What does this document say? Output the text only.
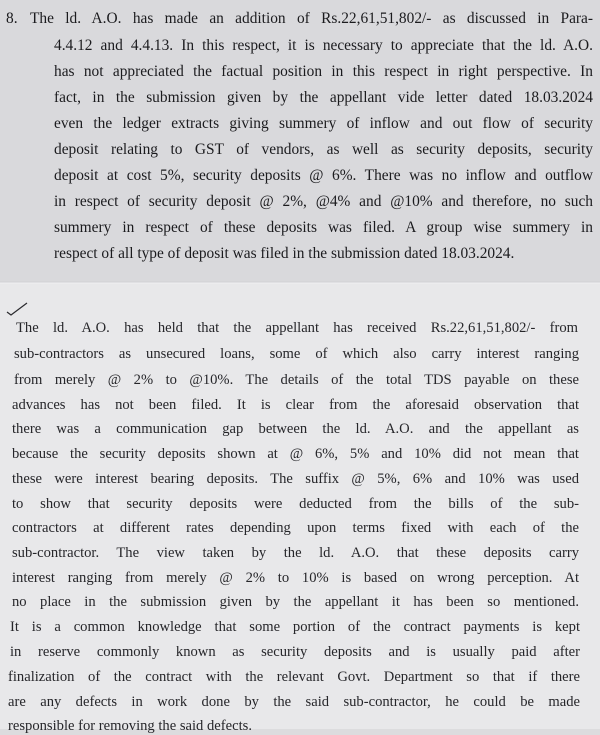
8. The ld. A.O. has made an addition of Rs.22,61,51,802/- as discussed in Para-
4.4.12 and 4.4.13. In this respect, it is necessary to appreciate that the ld. A.O.
has not appreciated the factual position in this respect in right perspective. In
fact, in the submission given by the appellant vide letter dated 18.03.2024
even the ledger extracts giving summery of inflow and out flow of security
deposit relating to GST of vendors, as well as security deposits, security
deposit at cost 5%, security deposits @ 6%. There was no inflow and outflow
in respect of security deposit @ 2%, @4% and @10% and therefore, no such
summery in respect of these deposits was filed. A group wise summery in
respect of all type of deposit was filed in the submission dated 18.03.2024.
The ld. A.O. has held that the appellant has received Rs.22,61,51,802/- from
sub-contractors as unsecured loans, some of which also carry interest ranging
from merely @ 2% to @10%. The details of the total TDS payable on these
advances has not been filed. It is clear from the aforesaid observation that
there was a communication gap between the ld. A.O. and the appellant as
because the security deposits shown at @ 6%, 5% and 10% did not mean that
these were interest bearing deposits. The suffix @ 5%, 6% and 10% was used
to show that security deposits were deducted from the bills of the sub-
contractors at different rates depending upon terms fixed with each of the
sub-contractor. The view taken by the ld. A.O. that these deposits carry
interest ranging from merely @ 2% to 10% is based on wrong perception. At
no place in the submission given by the appellant it has been so mentioned.
It is a common knowledge that some portion of the contract payments is kept
in reserve commonly known as security deposits and is usually paid after
finalization of the contract with the relevant Govt. Department so that if there
are any defects in work done by the said sub-contractor, he could be made
responsible for removing the said defects.
